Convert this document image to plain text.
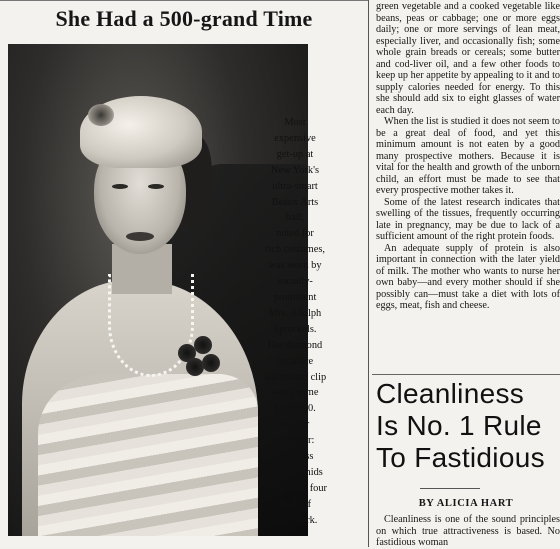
She Had a 500-grand Time
Most
expensive
get-up at
New York's
ultra-smart
Beaux Arts
ball,
noted for
rich costumes,
was worn by
socially-
prominent
Mrs. Adolph
Spreckels.
Her diamond
necklace
and turban clip
assay some
$500,000.
On her
shoulder:
Priceless
black orchids
—the only four
in all of
New York.

green vegetable and a cooked vegetable like beans, peas or cabbage; one or more eggs daily; one or more servings of lean meat, especially liver, and occasionally fish; some whole grain breads or cereals; some butter and cod-liver oil, and a few other foods to keep up her appetite by appealing to it and to supply calories needed for energy. To this she should add six to eight glasses of water each day.

When the list is studied it does not seem to be a great deal of food, and yet this minimum amount is not eaten by a good many prospective mothers. Because it is vital for the health and growth of the unborn child, an effort must be made to see that every prospective mother takes it.

Some of the latest research indicates that swelling of the tissues, frequently occurring late in pregnancy, may be due to lack of a sufficient amount of the right protein foods.

An adequate supply of protein is also important in connection with the later yield of milk. The mother who wants to nurse her own baby—and every mother should if she possibly can—must take a diet with lots of eggs, meat, fish and cheese.

Cleanliness
Is No. 1 Rule
To Fastidious
BY ALICIA HART

Cleanliness is one of the sound principles on which true attractiveness is based. No fastidious woman
